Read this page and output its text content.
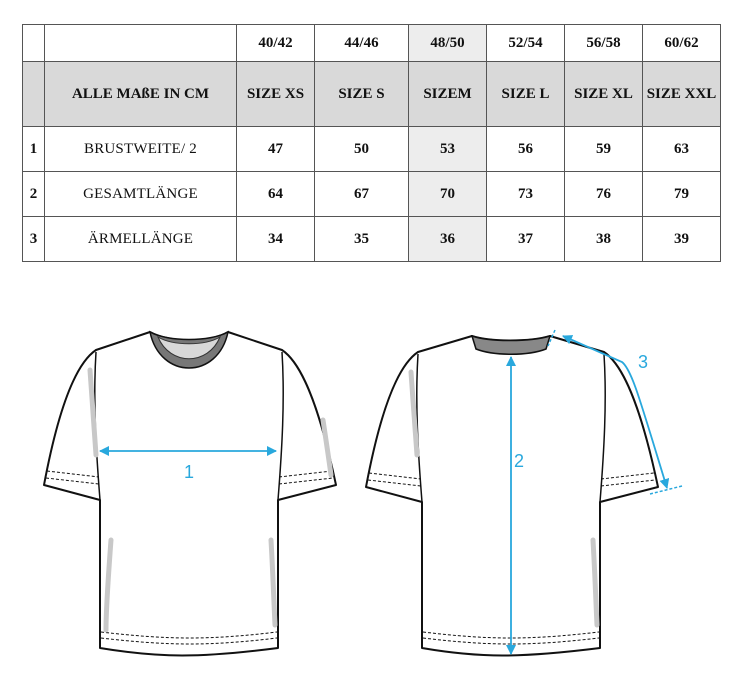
		40/42	44/46	48/50	52/54	56/58	60/62
	ALLE MAßE IN CM	SIZE XS	SIZE S	SIZEM	SIZE L	SIZE XL	SIZE XXL
1	BRUSTWEITE/ 2	47	50	53	56	59	63
2	GESAMTLÄNGE	64	67	70	73	76	79
3	ÄRMELLÄNGE	34	35	36	37	38	39
1
2
3
